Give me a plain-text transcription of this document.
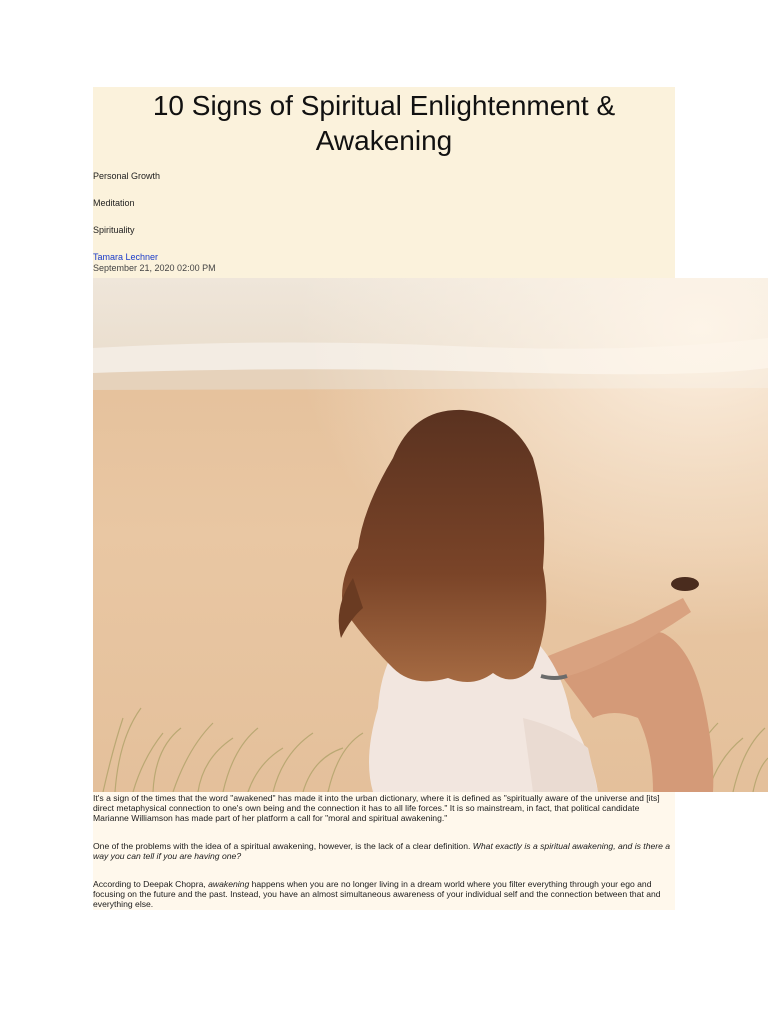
10 Signs of Spiritual Enlightenment & Awakening
Personal Growth
Meditation
Spirituality
Tamara Lechner
September 21, 2020 02:00 PM

It's a sign of the times that the word "awakened" has made it into the urban dictionary, where it is defined as "spiritually aware of the universe and [its] direct metaphysical connection to one's own being and the connection it has to all life forces." It is so mainstream, in fact, that political candidate Marianne Williamson has made part of her platform a call for "moral and spiritual awakening."

One of the problems with the idea of a spiritual awakening, however, is the lack of a clear definition. What exactly is a spiritual awakening, and is there a way you can tell if you are having one?

According to Deepak Chopra, awakening happens when you are no longer living in a dream world where you filter everything through your ego and focusing on the future and the past. Instead, you have an almost simultaneous awareness of your individual self and the connection between that and everything else.
